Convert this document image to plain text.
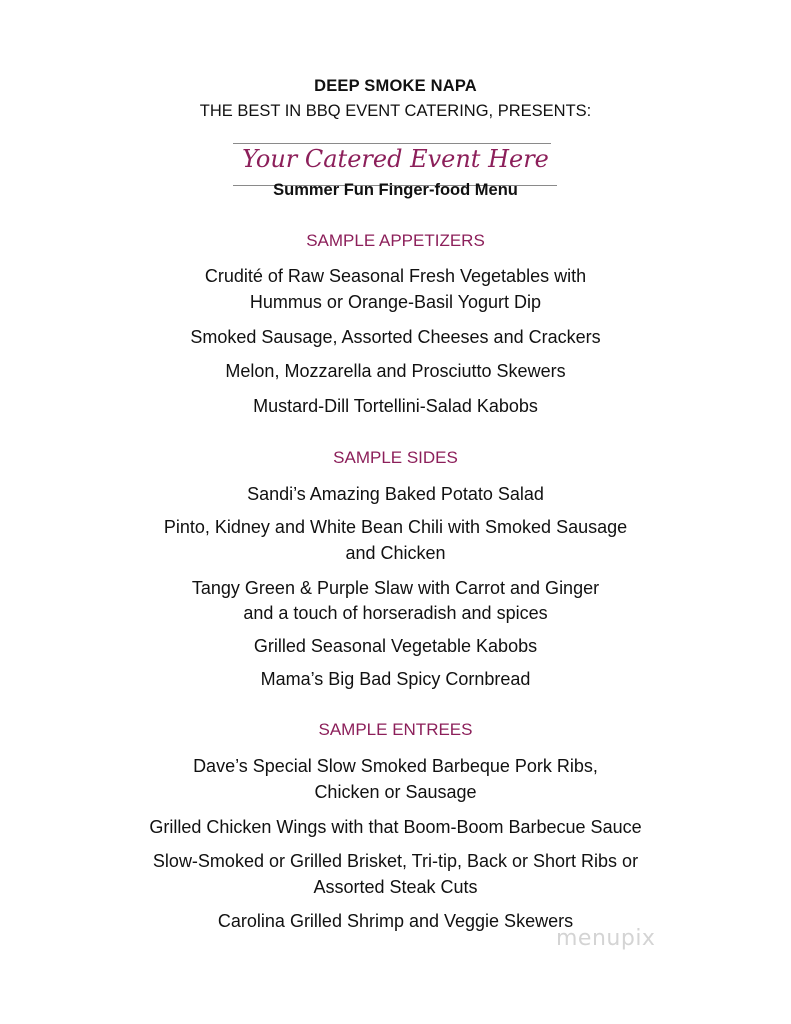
DEEP SMOKE NAPA
THE BEST IN BBQ EVENT CATERING, PRESENTS:
Your Catered Event Here
Summer Fun Finger-food Menu
SAMPLE APPETIZERS
Crudité of Raw Seasonal Fresh Vegetables with
Hummus or Orange-Basil Yogurt Dip
Smoked Sausage, Assorted Cheeses and Crackers
Melon, Mozzarella and Prosciutto Skewers
Mustard-Dill Tortellini-Salad Kabobs
SAMPLE SIDES
Sandi’s Amazing Baked Potato Salad
Pinto, Kidney and White Bean Chili with Smoked Sausage
and Chicken
Tangy Green & Purple Slaw with Carrot and Ginger
and a touch of horseradish and spices
Grilled Seasonal Vegetable Kabobs
Mama’s Big Bad Spicy Cornbread
SAMPLE ENTREES
Dave’s Special Slow Smoked Barbeque Pork Ribs,
Chicken or Sausage
Grilled Chicken Wings with that Boom-Boom Barbecue Sauce
Slow-Smoked or Grilled Brisket, Tri-tip, Back or Short Ribs or
Assorted Steak Cuts
Carolina Grilled Shrimp and Veggie Skewers
menupix
